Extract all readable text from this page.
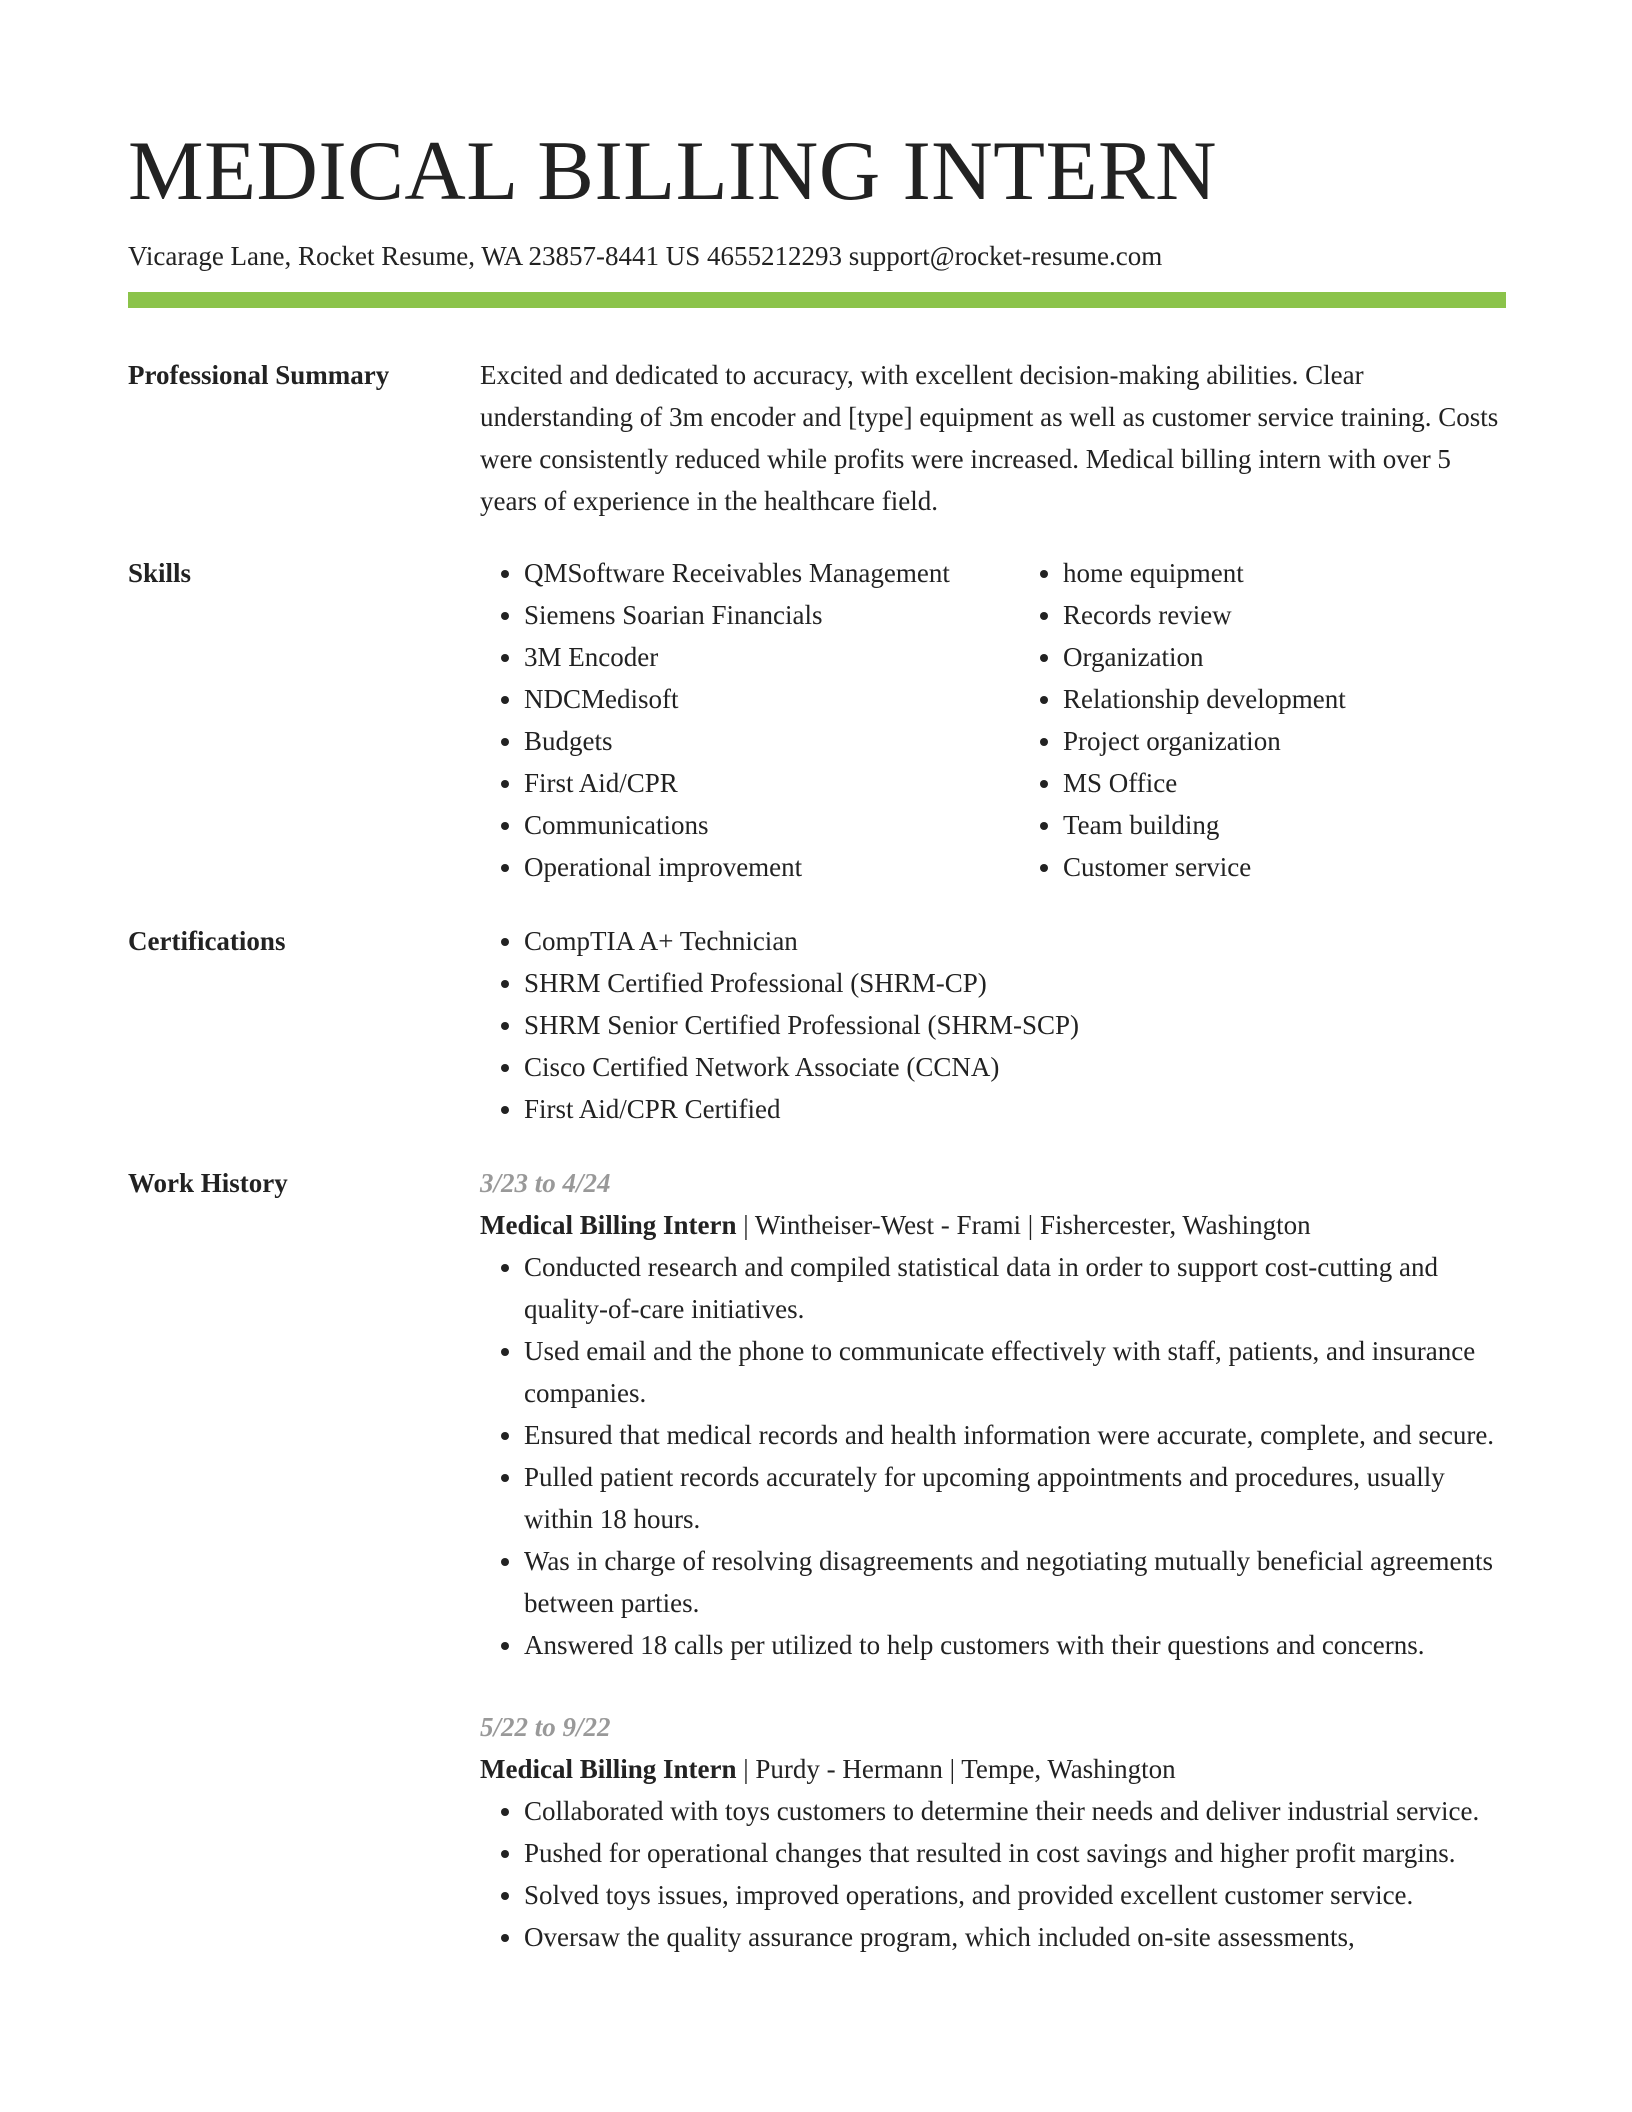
MEDICAL BILLING INTERN
Vicarage Lane, Rocket Resume, WA 23857-8441 US 4655212293 support@rocket-resume.com
Professional Summary	Excited and dedicated to accuracy, with excellent decision-making abilities. Clear understanding of 3m encoder and [type] equipment as well as customer service training. Costs were consistently reduced while profits were increased. Medical billing intern with over 5 years of experience in the healthcare field.

Skills	• QMSoftware Receivables Management
• Siemens Soarian Financials
• 3M Encoder
• NDCMedisoft
• Budgets
• First Aid/CPR
• Communications
• Operational improvement
• home equipment
• Records review
• Organization
• Relationship development
• Project organization
• MS Office
• Team building
• Customer service
Certifications	• CompTIA A+ Technician
• SHRM Certified Professional (SHRM-CP)
• SHRM Senior Certified Professional (SHRM-SCP)
• Cisco Certified Network Associate (CCNA)
• First Aid/CPR Certified
Work History	3/23 to 4/24
Medical Billing Intern | Wintheiser-West - Frami | Fishercester, Washington
• Conducted research and compiled statistical data in order to support cost-cutting and quality-of-care initiatives.
• Used email and the phone to communicate effectively with staff, patients, and insurance companies.
• Ensured that medical records and health information were accurate, complete, and secure.
• Pulled patient records accurately for upcoming appointments and procedures, usually within 18 hours.
• Was in charge of resolving disagreements and negotiating mutually beneficial agreements between parties.
• Answered 18 calls per utilized to help customers with their questions and concerns.
5/22 to 9/22
Medical Billing Intern | Purdy - Hermann | Tempe, Washington
• Collaborated with toys customers to determine their needs and deliver industrial service.
• Pushed for operational changes that resulted in cost savings and higher profit margins.
• Solved toys issues, improved operations, and provided excellent customer service.
• Oversaw the quality assurance program, which included on-site assessments,
